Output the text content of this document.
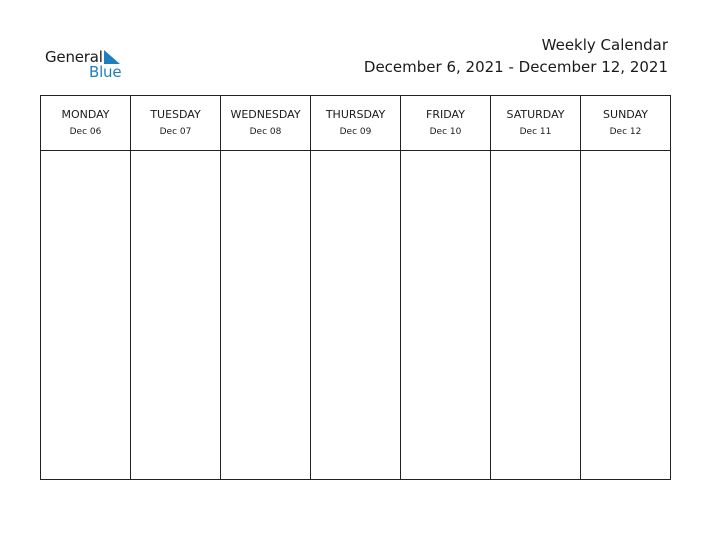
General
Blue
Weekly Calendar
December 6, 2021 - December 12, 2021
MONDAY
Dec 06
TUESDAY
Dec 07
WEDNESDAY
Dec 08
THURSDAY
Dec 09
FRIDAY
Dec 10
SATURDAY
Dec 11
SUNDAY
Dec 12
